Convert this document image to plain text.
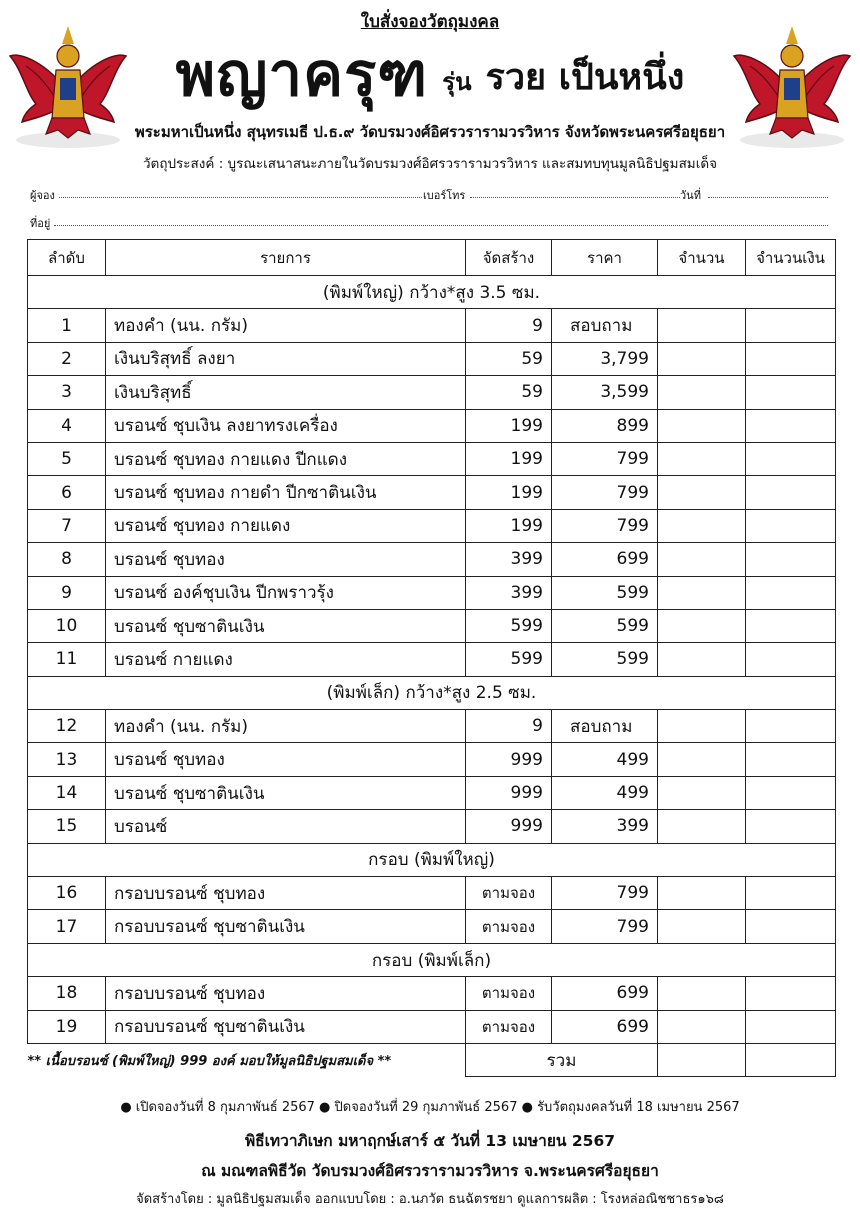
ใบสั่งจองวัตถุมงคล
พญาครุฑ รุ่น รวย เป็นหนึ่ง
พระมหาเป็นหนึ่ง สุนฺทรเมธี ป.ธ.๙ วัดบรมวงศ์อิศรวรารามวรวิหาร จังหวัดพระนครศรีอยุธยา
วัตถุประสงค์ : บูรณะเสนาสนะภายในวัดบรมวงศ์อิศรวรารามวรวิหาร และสมทบทุนมูลนิธิปฐมสมเด็จ
ผู้จอง	เบอร์โทร	วันที่
ที่อยู่
ลำดับ	รายการ	จัดสร้าง	ราคา	จำนวน	จำนวนเงิน
(พิมพ์ใหญ่) กว้าง*สูง 3.5 ซม.					
1	ทองคำ (นน. กรัม)	9	สอบถาม		
2	เงินบริสุทธิ์ ลงยา	59	3,799		
3	เงินบริสุทธิ์	59	3,599		
4	บรอนซ์ ชุบเงิน ลงยาทรงเครื่อง	199	899		
5	บรอนซ์ ชุบทอง กายแดง ปีกแดง	199	799		
6	บรอนซ์ ชุบทอง กายดำ ปีกซาตินเงิน	199	799		
7	บรอนซ์ ชุบทอง กายแดง	199	799		
8	บรอนซ์ ชุบทอง	399	699		
9	บรอนซ์ องค์ชุบเงิน ปีกพราวรุ้ง	399	599		
10	บรอนซ์ ชุบซาตินเงิน	599	599		
11	บรอนซ์ กายแดง	599	599		
(พิมพ์เล็ก) กว้าง*สูง 2.5 ซม.					
12	ทองคำ (นน. กรัม)	9	สอบถาม		
13	บรอนซ์ ชุบทอง	999	499		
14	บรอนซ์ ชุบซาตินเงิน	999	499		
15	บรอนซ์	999	399		
กรอบ (พิมพ์ใหญ่)					
16	กรอบบรอนซ์ ชุบทอง	ตามจอง	799		
17	กรอบบรอนซ์ ชุบซาตินเงิน	ตามจอง	799		
กรอบ (พิมพ์เล็ก)					
18	กรอบบรอนซ์ ชุบทอง	ตามจอง	699		
19	กรอบบรอนซ์ ชุบซาตินเงิน	ตามจอง	699		
** เนื้อบรอนซ์ (พิมพ์ใหญ่) 999 องค์ มอบให้มูลนิธิปฐมสมเด็จ **		รวม			
● เปิดจองวันที่ 8 กุมภาพันธ์ 2567 ● ปิดจองวันที่ 29 กุมภาพันธ์ 2567 ● รับวัตถุมงคลวันที่ 18 เมษายน 2567
พิธีเทวาภิเษก มหาฤกษ์เสาร์ ๕ วันที่ 13 เมษายน 2567
ณ มณฑลพิธีวัด วัดบรมวงศ์อิศรวรารามวรวิหาร จ.พระนครศรีอยุธยา
จัดสร้างโดย : มูลนิธิปฐมสมเด็จ ออกแบบโดย : อ.นภวัต ธนฉัตรชยา ดูแลการผลิต : โรงหล่อณิชชาธร๑๖๘
